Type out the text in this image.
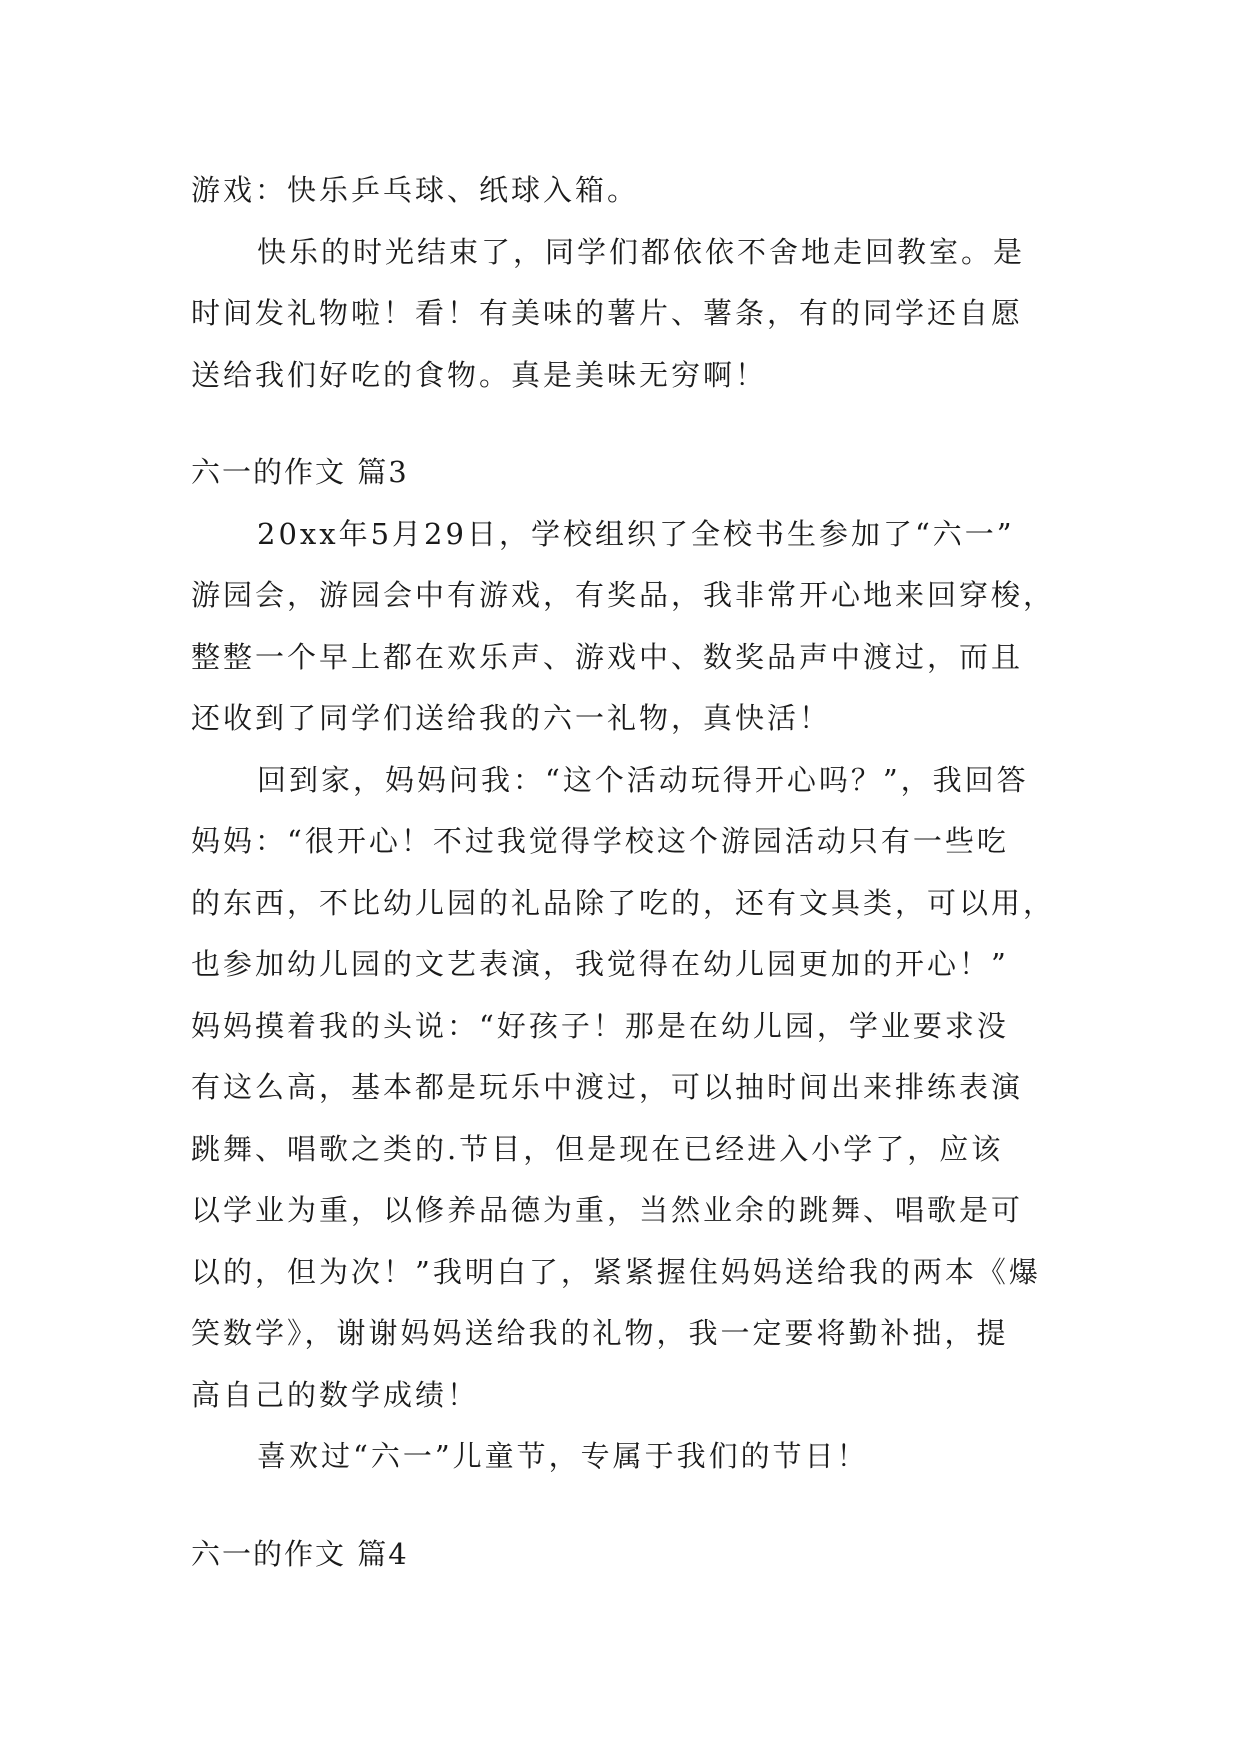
游戏：快乐乒乓球、纸球入箱。
快乐的时光结束了，同学们都依依不舍地走回教室。是
时间发礼物啦！看！有美味的薯片、薯条，有的同学还自愿
送给我们好吃的食物。真是美味无穷啊！
六一的作文 篇3
20xx年5月29日，学校组织了全校书生参加了“六一”
游园会，游园会中有游戏，有奖品，我非常开心地来回穿梭，
整整一个早上都在欢乐声、游戏中、数奖品声中渡过，而且
还收到了同学们送给我的六一礼物，真快活！
回到家，妈妈问我：“这个活动玩得开心吗？”，我回答
妈妈：“很开心！不过我觉得学校这个游园活动只有一些吃
的东西，不比幼儿园的礼品除了吃的，还有文具类，可以用，
也参加幼儿园的文艺表演，我觉得在幼儿园更加的开心！”
妈妈摸着我的头说：“好孩子！那是在幼儿园，学业要求没
有这么高，基本都是玩乐中渡过，可以抽时间出来排练表演
跳舞、唱歌之类的.节目，但是现在已经进入小学了，应该
以学业为重，以修养品德为重，当然业余的跳舞、唱歌是可
以的，但为次！”我明白了，紧紧握住妈妈送给我的两本《爆
笑数学》，谢谢妈妈送给我的礼物，我一定要将勤补拙，提
高自己的数学成绩！
喜欢过“六一”儿童节，专属于我们的节日！
六一的作文 篇4
